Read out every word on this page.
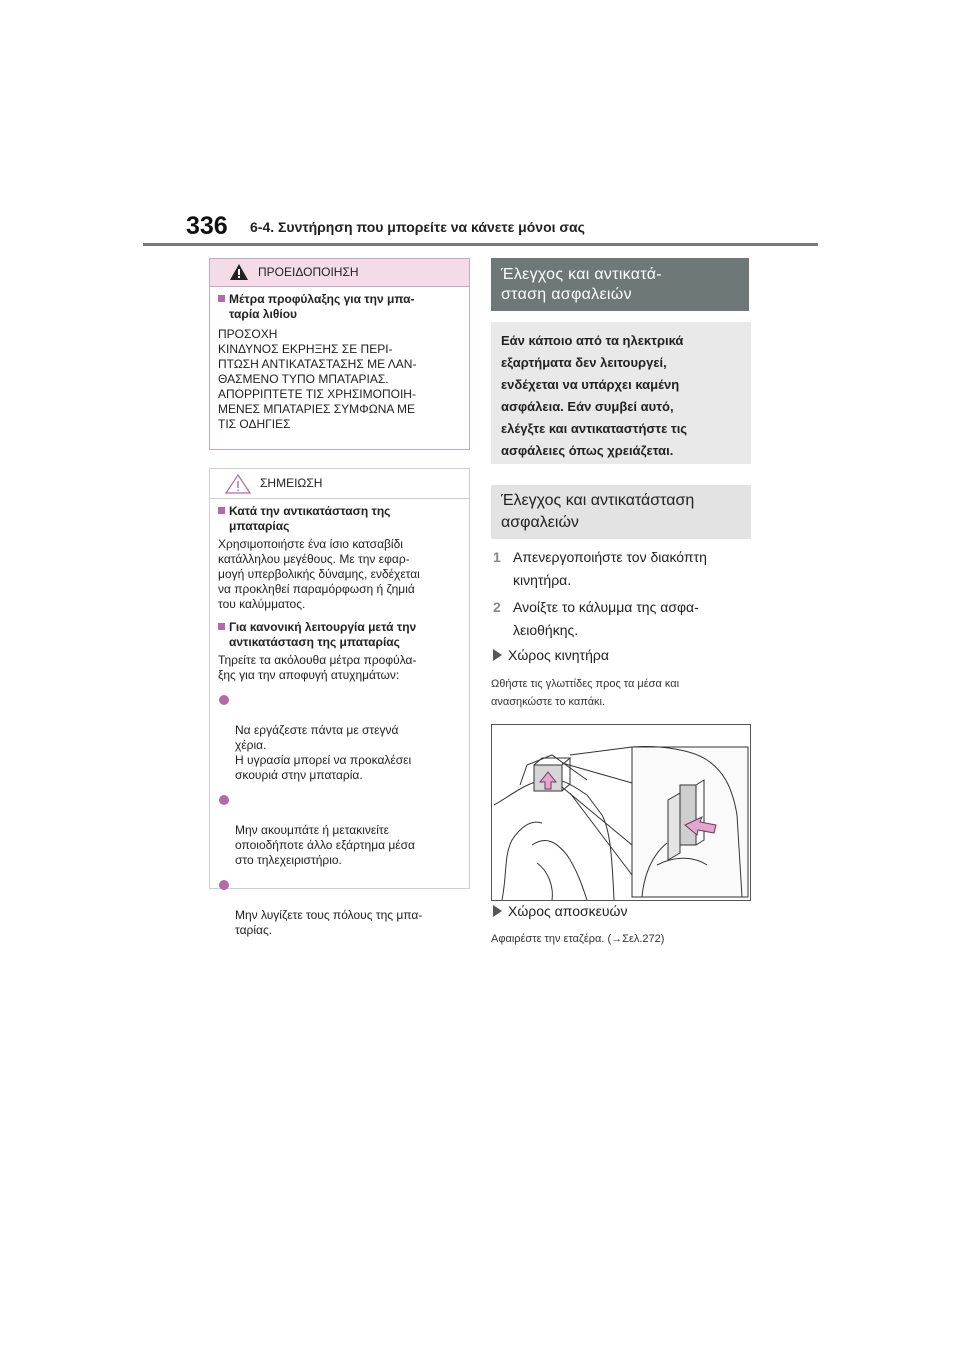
336 6-4. Συντήρηση που μπορείτε να κάνετε μόνοι σας
ΠΡΟΕΙΔΟΠΟΙΗΣΗ
Μέτρα προφύλαξης για την μπα-
ταρία λιθίου
ΠΡΟΣΟΧΗ
ΚΙΝΔΥΝΟΣ ΕΚΡΗΞΗΣ ΣΕ ΠΕΡΙ-
ΠΤΩΣΗ ΑΝΤΙΚΑΤΑΣΤΑΣΗΣ ΜΕ ΛΑΝ-
ΘΑΣΜΕΝΟ ΤΥΠΟ ΜΠΑΤΑΡΙΑΣ.
ΑΠΟΡΡΙΠΤΕΤΕ ΤΙΣ ΧΡΗΣΙΜΟΠΟΙΗ-
ΜΕΝΕΣ ΜΠΑΤΑΡΙΕΣ ΣΥΜΦΩΝΑ ΜΕ
ΤΙΣ ΟΔΗΓΙΕΣ
ΣΗΜΕΙΩΣΗ
Κατά την αντικατάσταση της
μπαταρίας
Χρησιμοποιήστε ένα ίσιο κατσαβίδι
κατάλληλου μεγέθους. Με την εφαρ-
μογή υπερβολικής δύναμης, ενδέχεται
να προκληθεί παραμόρφωση ή ζημιά
του καλύμματος.
Για κανονική λειτουργία μετά την
αντικατάσταση της μπαταρίας
Τηρείτε τα ακόλουθα μέτρα προφύλα-
ξης για την αποφυγή ατυχημάτων:

Να εργάζεστε πάντα με στεγνά
χέρια.
Η υγρασία μπορεί να προκαλέσει
σκουριά στην μπαταρία.

Μην ακουμπάτε ή μετακινείτε
οποιοδήποτε άλλο εξάρτημα μέσα
στο τηλεχειριστήριο.

Μην λυγίζετε τους πόλους της μπα-
ταρίας.

Έλεγχος και αντικατά-
σταση ασφαλειών
Εάν κάποιο από τα ηλεκτρικά
εξαρτήματα δεν λειτουργεί,
ενδέχεται να υπάρχει καμένη
ασφάλεια. Εάν συμβεί αυτό,
ελέγξτε και αντικαταστήστε τις
ασφάλειες όπως χρειάζεται.
Έλεγχος και αντικατάσταση
ασφαλειών
1 Απενεργοποιήστε τον διακόπτη
κινητήρα.
2 Ανοίξτε το κάλυμμα της ασφα-
λειοθήκης.
Χώρος κινητήρα
Ωθήστε τις γλωττίδες προς τα μέσα και
ανασηκώστε το καπάκι.
Χώρος αποσκευών
Αφαιρέστε την εταζέρα. (→Σελ.272)
